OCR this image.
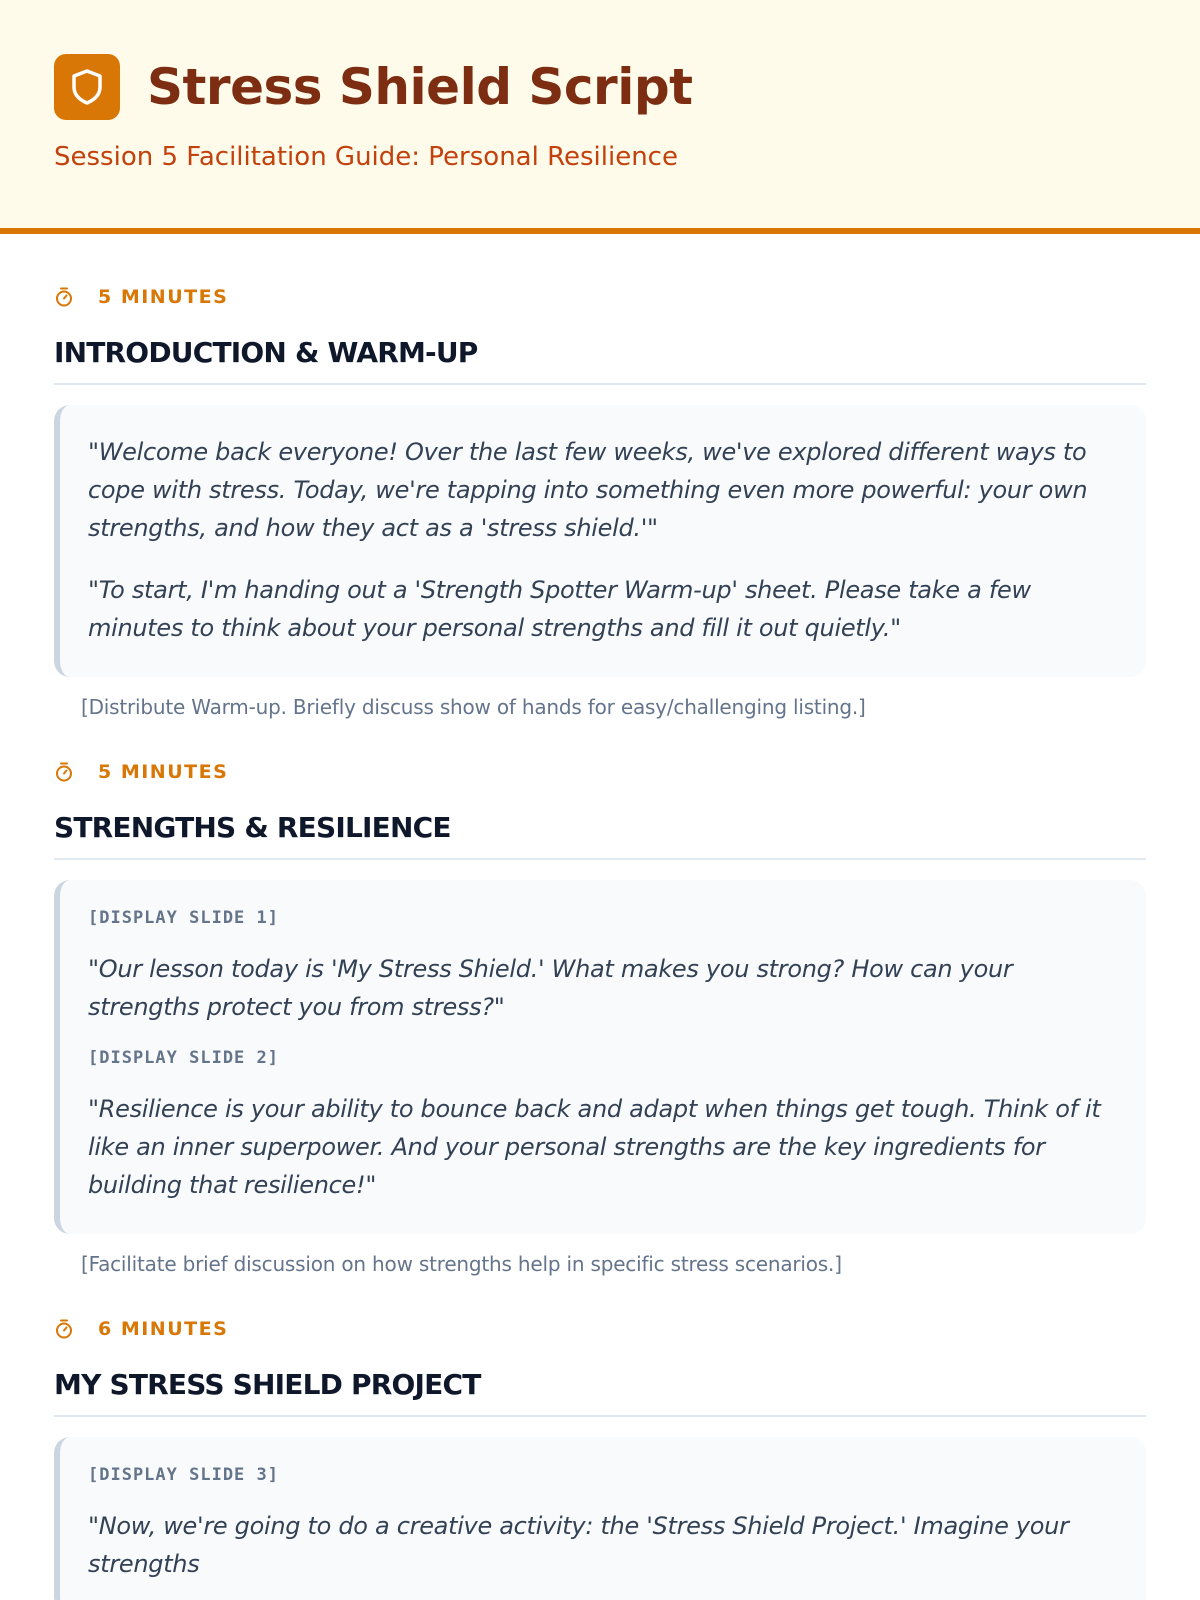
Stress Shield Script
Session 5 Facilitation Guide: Personal Resilience
5 MINUTES
INTRODUCTION & WARM-UP

"Welcome back everyone! Over the last few weeks, we've explored different ways to cope with stress. Today, we're tapping into something even more powerful: your own strengths, and how they act as a 'stress shield.'"

"To start, I'm handing out a 'Strength Spotter Warm-up' sheet. Please take a few minutes to think about your personal strengths and fill it out quietly."

[Distribute Warm-up. Briefly discuss show of hands for easy/challenging listing.]

5 MINUTES
STRENGTHS & RESILIENCE

[DISPLAY SLIDE 1]

"Our lesson today is 'My Stress Shield.' What makes you strong? How can your strengths protect you from stress?"

[DISPLAY SLIDE 2]

"Resilience is your ability to bounce back and adapt when things get tough. Think of it like an inner superpower. And your personal strengths are the key ingredients for building that resilience!"

[Facilitate brief discussion on how strengths help in specific stress scenarios.]

6 MINUTES
MY STRESS SHIELD PROJECT

[DISPLAY SLIDE 3]

"Now, we're going to do a creative activity: the 'Stress Shield Project.' Imagine your strengths
